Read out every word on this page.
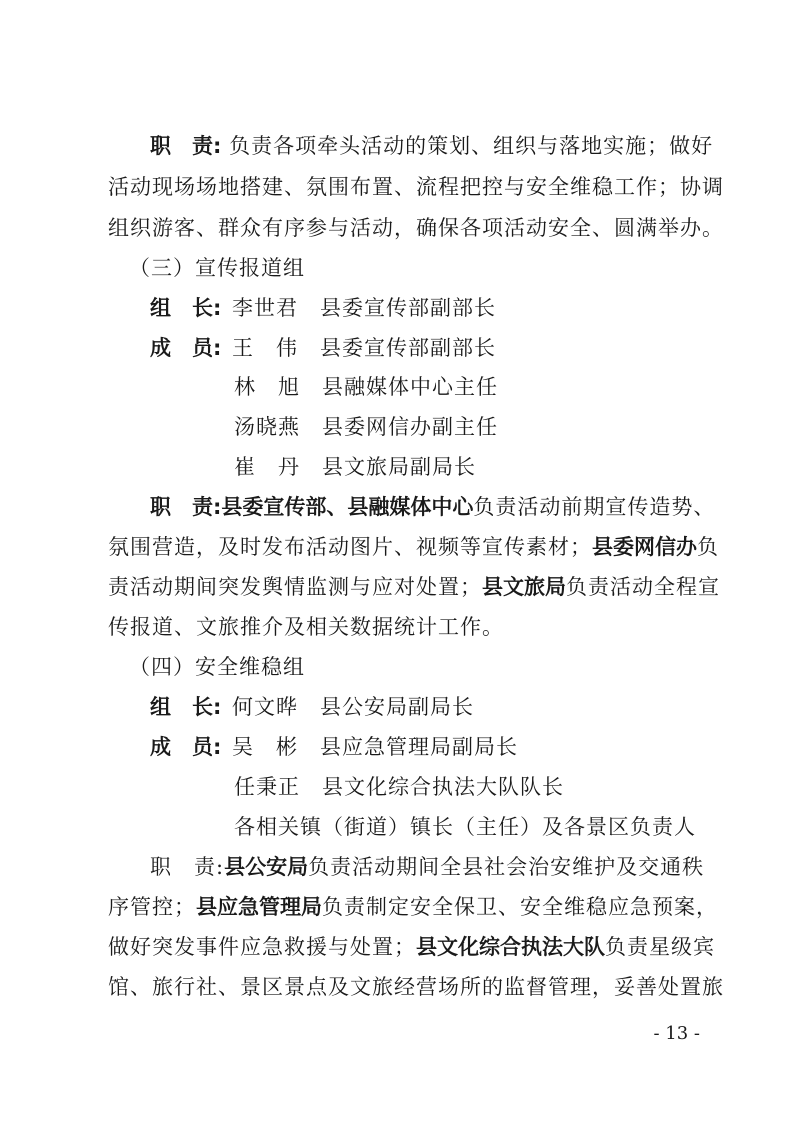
职　责: 负责各项牵头活动的策划、组织与落地实施；做好
活动现场场地搭建、氛围布置、流程把控与安全维稳工作；协调
组织游客、群众有序参与活动，确保各项活动安全、圆满举办。
（三）宣传报道组
组　长: 李世君 县委宣传部副部长
成　员: 王　伟 县委宣传部副部长
林　旭 县融媒体中心主任
汤晓燕 县委网信办副主任
崔　丹 县文旅局副局长
职　责:县委宣传部、县融媒体中心负责活动前期宣传造势、
氛围营造，及时发布活动图片、视频等宣传素材；县委网信办负
责活动期间突发舆情监测与应对处置；县文旅局负责活动全程宣
传报道、文旅推介及相关数据统计工作。
（四）安全维稳组
组　长: 何文晔 县公安局副局长
成　员: 吴　彬 县应急管理局副局长
任秉正 县文化综合执法大队队长
各相关镇（街道）镇长（主任）及各景区负责人
职　责:县公安局负责活动期间全县社会治安维护及交通秩
序管控；县应急管理局负责制定安全保卫、安全维稳应急预案，
做好突发事件应急救援与处置；县文化综合执法大队负责星级宾
馆、旅行社、景区景点及文旅经营场所的监督管理，妥善处置旅
- 13 -
